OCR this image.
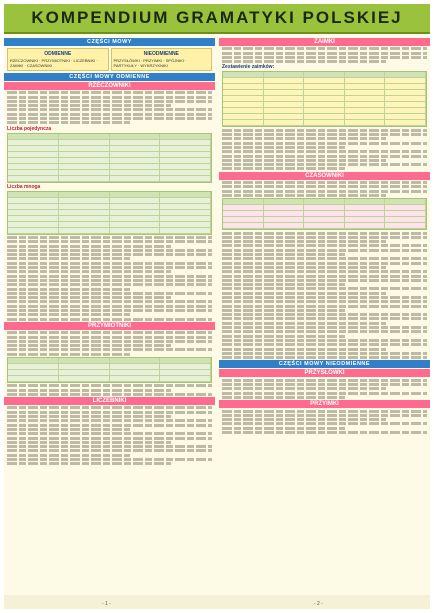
KOMPENDIUM GRAMATYKI POLSKIEJ
CZĘŚCI MOWY
ODMIENNE
RZECZOWNIKI · PRZYMIOTNIKI · LICZEBNIKI · ZAIMKI · CZASOWNIKI
NIEODMIENNE
PRZYSŁÓWKI · PRZYIMKI · SPÓJNIKI · PARTYKUŁY · WYKRZYKNIKI
CZĘŚCI MOWY ODMIENNE
RZECZOWNIKI
Liczba pojedyncza
Liczba mnoga
PRZYMIOTNIKI
LICZEBNIKI
ZAIMKI
Zestawienie zaimków:
CZASOWNIKI
CZĘŚCI MOWY NIEODMIENNE
PRZYSŁÓWKI
PRZYIMKI
- 1 -	- 2 -
